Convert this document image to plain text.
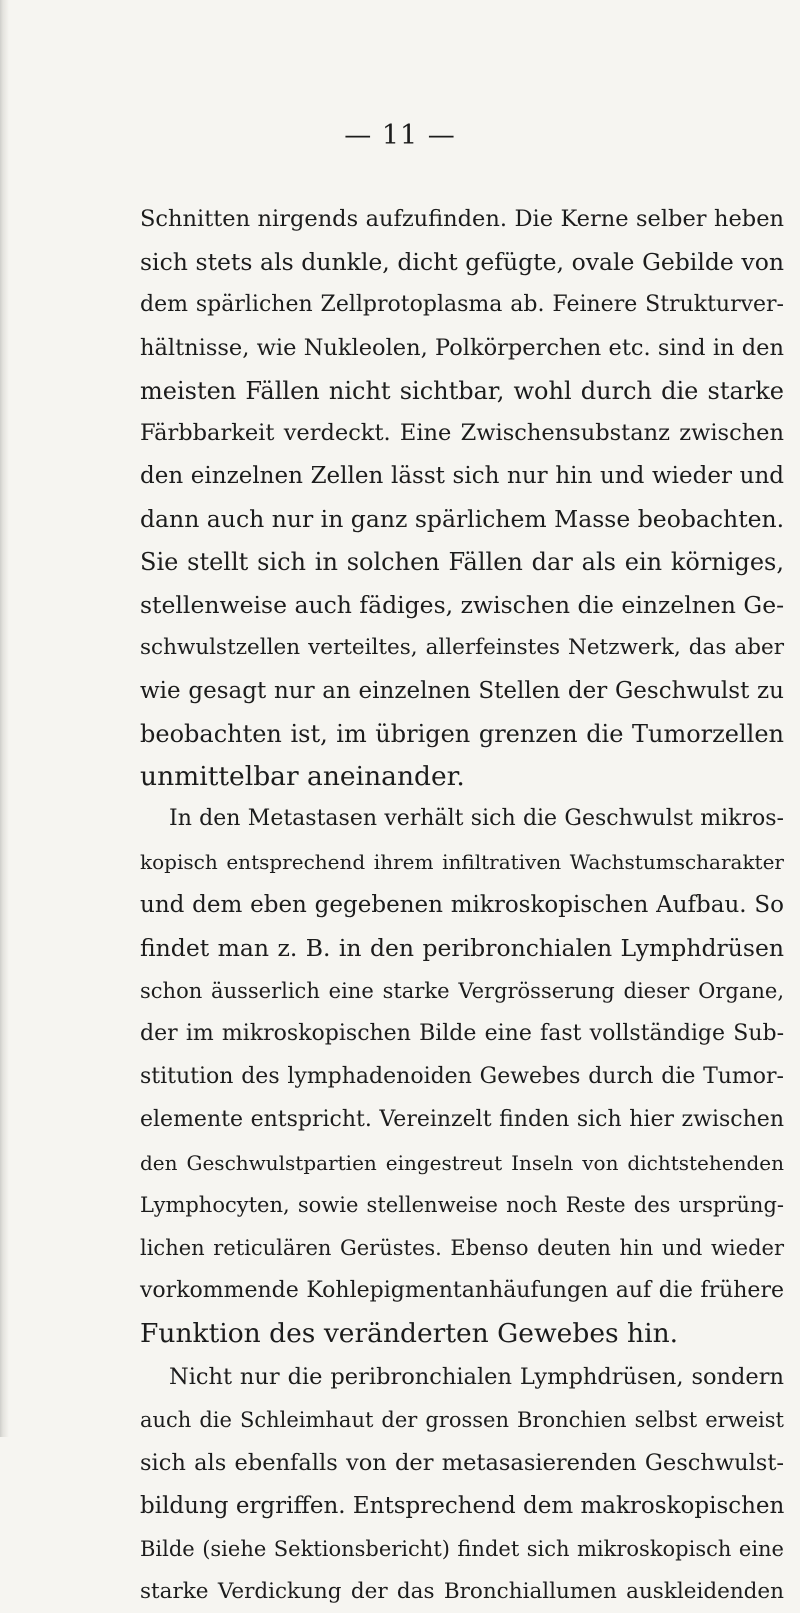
— 11 —
Schnitten nirgends aufzufinden. Die Kerne selber heben
sich stets als dunkle, dicht gefügte, ovale Gebilde von
dem spärlichen Zellprotoplasma ab. Feinere Strukturver-
hältnisse, wie Nukleolen, Polkörperchen etc. sind in den
meisten Fällen nicht sichtbar, wohl durch die starke
Färbbarkeit verdeckt. Eine Zwischensubstanz zwischen
den einzelnen Zellen lässt sich nur hin und wieder und
dann auch nur in ganz spärlichem Masse beobachten.
Sie stellt sich in solchen Fällen dar als ein körniges,
stellenweise auch fädiges, zwischen die einzelnen Ge-
schwulstzellen verteiltes, allerfeinstes Netzwerk, das aber
wie gesagt nur an einzelnen Stellen der Geschwulst zu
beobachten ist, im übrigen grenzen die Tumorzellen
unmittelbar aneinander.
In den Metastasen verhält sich die Geschwulst mikros-
kopisch entsprechend ihrem infiltrativen Wachstumscharakter
und dem eben gegebenen mikroskopischen Aufbau. So
findet man z. B. in den peribronchialen Lymphdrüsen
schon äusserlich eine starke Vergrösserung dieser Organe,
der im mikroskopischen Bilde eine fast vollständige Sub-
stitution des lymphadenoiden Gewebes durch die Tumor-
elemente entspricht. Vereinzelt finden sich hier zwischen
den Geschwulstpartien eingestreut Inseln von dichtstehenden
Lymphocyten, sowie stellenweise noch Reste des ursprüng-
lichen reticulären Gerüstes. Ebenso deuten hin und wieder
vorkommende Kohlepigmentanhäufungen auf die frühere
Funktion des veränderten Gewebes hin.
Nicht nur die peribronchialen Lymphdrüsen, sondern
auch die Schleimhaut der grossen Bronchien selbst erweist
sich als ebenfalls von der metasasierenden Geschwulst-
bildung ergriffen. Entsprechend dem makroskopischen
Bilde (siehe Sektionsbericht) findet sich mikroskopisch eine
starke Verdickung der das Bronchiallumen auskleidenden
